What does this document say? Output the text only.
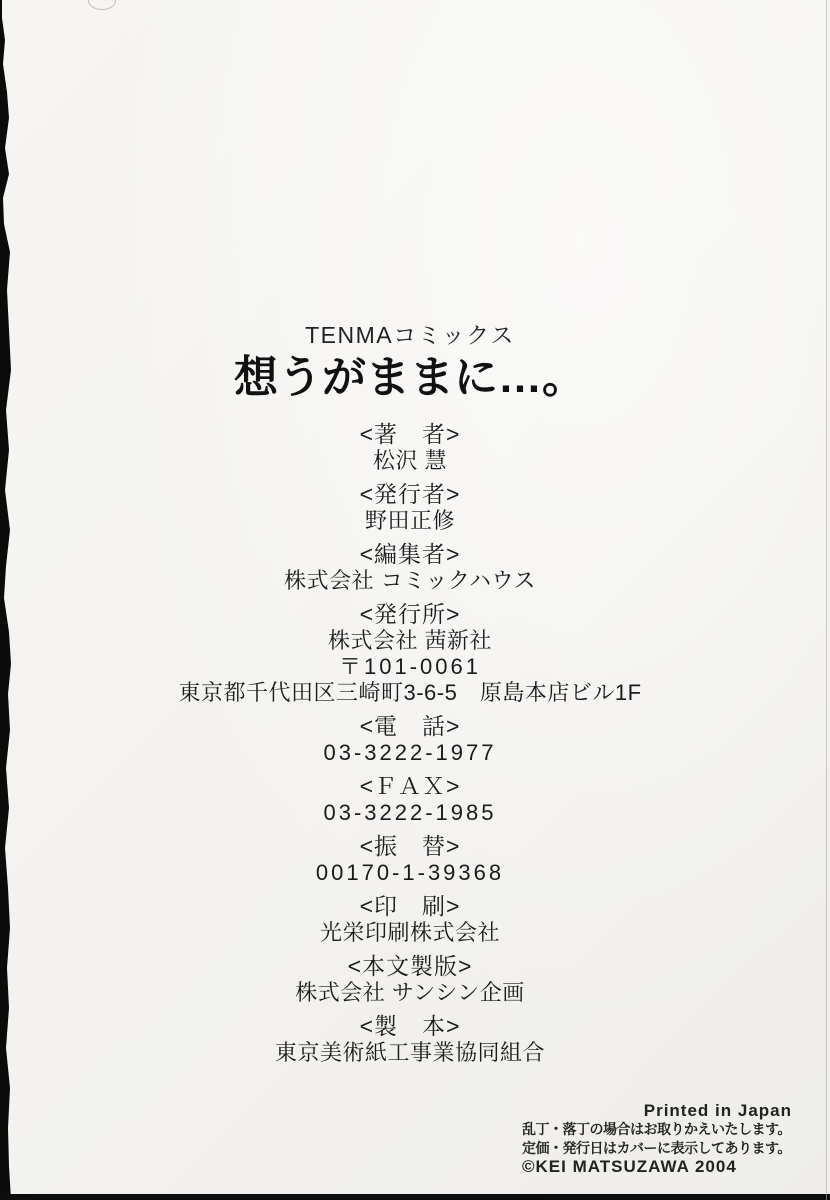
TENMAコミックス
想うがままに…。
<著　者>
松沢 慧
<発行者>
野田正修
<編集者>
株式会社 コミックハウス
<発行所>
株式会社 茜新社
〒101-0061
東京都千代田区三崎町3-6-5　原島本店ビル1F
<電　話>
03-3222-1977
<ＦＡＸ>
03-3222-1985
<振　替>
00170-1-39368
<印　刷>
光栄印刷株式会社
<本文製版>
株式会社 サンシン企画
<製　本>
東京美術紙工事業協同組合
Printed in Japan
乱丁・落丁の場合はお取りかえいたします。
定価・発行日はカバーに表示してあります。
©KEI MATSUZAWA 2004
